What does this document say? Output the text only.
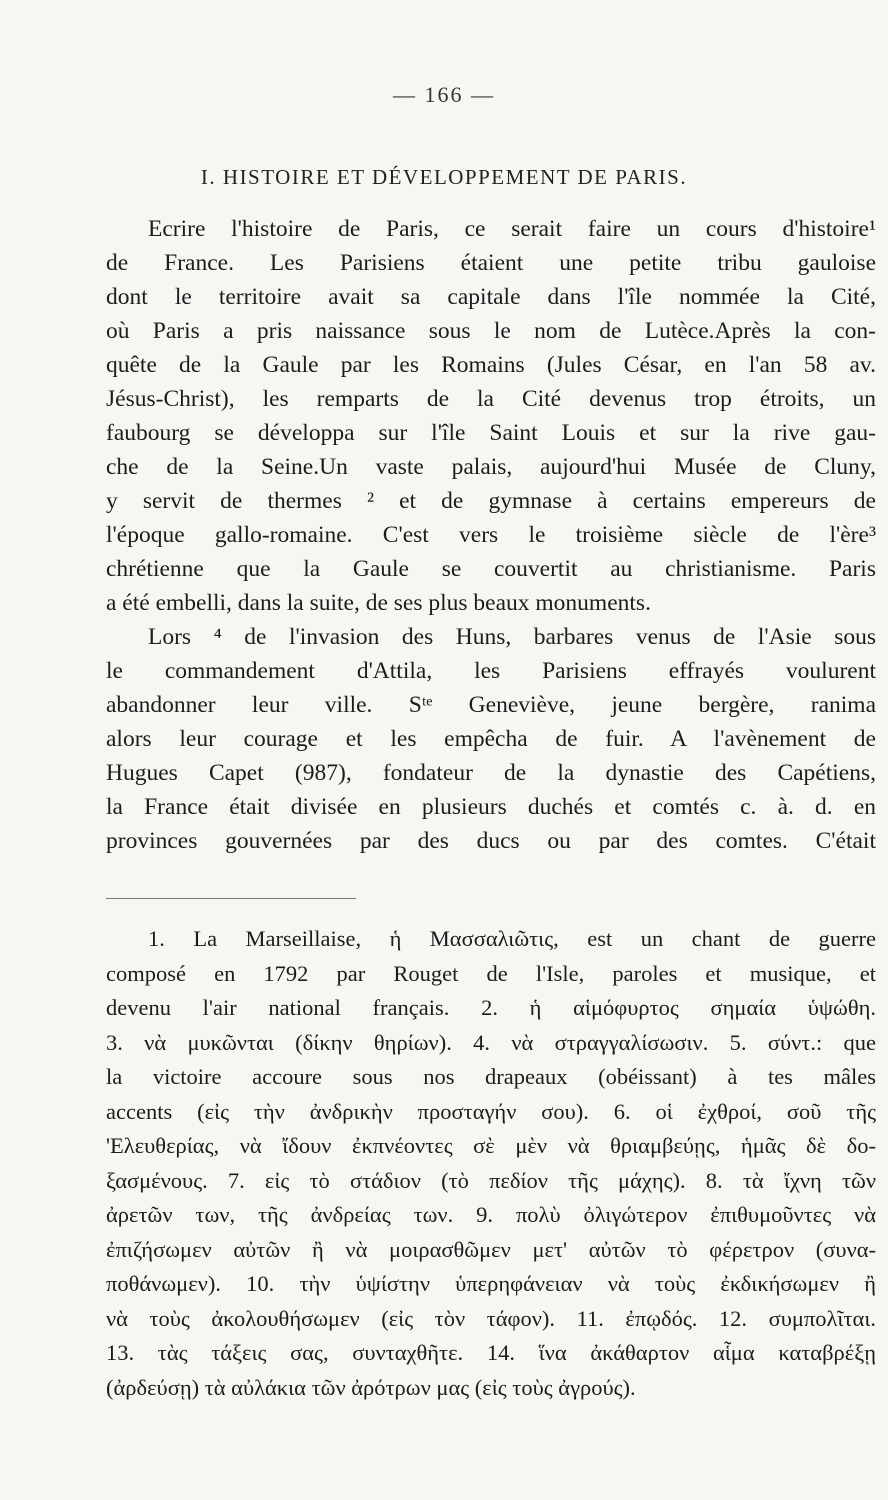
— 166 —
I. HISTOIRE ET DÉVELOPPEMENT DE PARIS.
Ecrire l'histoire de Paris, ce serait faire un cours d'histoire¹
de France. Les Parisiens étaient une petite tribu gauloise
dont le territoire avait sa capitale dans l'île nommée la Cité,
où Paris a pris naissance sous le nom de Lutèce.Après la con-
quête de la Gaule par les Romains (Jules César, en l'an 58 av.
Jésus-Christ), les remparts de la Cité devenus trop étroits, un
faubourg se développa sur l'île Saint Louis et sur la rive gau-
che de la Seine.Un vaste palais, aujourd'hui Musée de Cluny,
y servit de thermes ² et de gymnase à certains empereurs de
l'époque gallo-romaine. C'est vers le troisième siècle de l'ère³
chrétienne que la Gaule se couvertit au christianisme. Paris
a été embelli, dans la suite, de ses plus beaux monuments.
Lors ⁴ de l'invasion des Huns, barbares venus de l'Asie sous
le commandement d'Attila, les Parisiens effrayés voulurent
abandonner leur ville. Sᵗᵉ Geneviève, jeune bergère, ranima
alors leur courage et les empêcha de fuir. A l'avènement de
Hugues Capet (987), fondateur de la dynastie des Capétiens,
la France était divisée en plusieurs duchés et comtés c. à. d. en
provinces gouvernées par des ducs ou par des comtes. C'était
1. La Marseillaise, ἡ Μασσαλιῶτις, est un chant de guerre
composé en 1792 par Rouget de l'Isle, paroles et musique, et
devenu l'air national français. 2. ἡ αἱμόφυρτος σημαία ὑψώθη.
3. νὰ μυκῶνται (δίκην θηρίων). 4. νὰ στραγγαλίσωσιν. 5. σύντ.: que
la victoire accoure sous nos drapeaux (obéissant) à tes mâles
accents (εἰς τὴν ἀνδρικὴν προσταγήν σου). 6. οἱ ἐχθροί, σοῦ τῆς
'Ελευθερίας, νὰ ἴδουν ἐκπνέοντες σὲ μὲν νὰ θριαμβεύῃς, ἡμᾶς δὲ δο-
ξασμένους. 7. εἰς τὸ στάδιον (τὸ πεδίον τῆς μάχης). 8. τὰ ἴχνη τῶν
ἀρετῶν των, τῆς ἀνδρείας των. 9. πολὺ ὀλιγώτερον ἐπιθυμοῦντες νὰ
ἐπιζήσωμεν αὐτῶν ἢ νὰ μοιρασθῶμεν μετ' αὐτῶν τὸ φέρετρον (συνα-
ποθάνωμεν). 10. τὴν ὑψίστην ὑπερηφάνειαν νὰ τοὺς ἐκδικήσωμεν ἢ
νὰ τοὺς ἀκολουθήσωμεν (εἰς τὸν τάφον). 11. ἐπῳδός. 12. συμπολῖται.
13. τὰς τάξεις σας, συνταχθῆτε. 14. ἵνα ἀκάθαρτον αἷμα καταβρέξῃ
(ἀρδεύσῃ) τὰ αὐλάκια τῶν ἀρότρων μας (εἰς τοὺς ἀγρούς).
